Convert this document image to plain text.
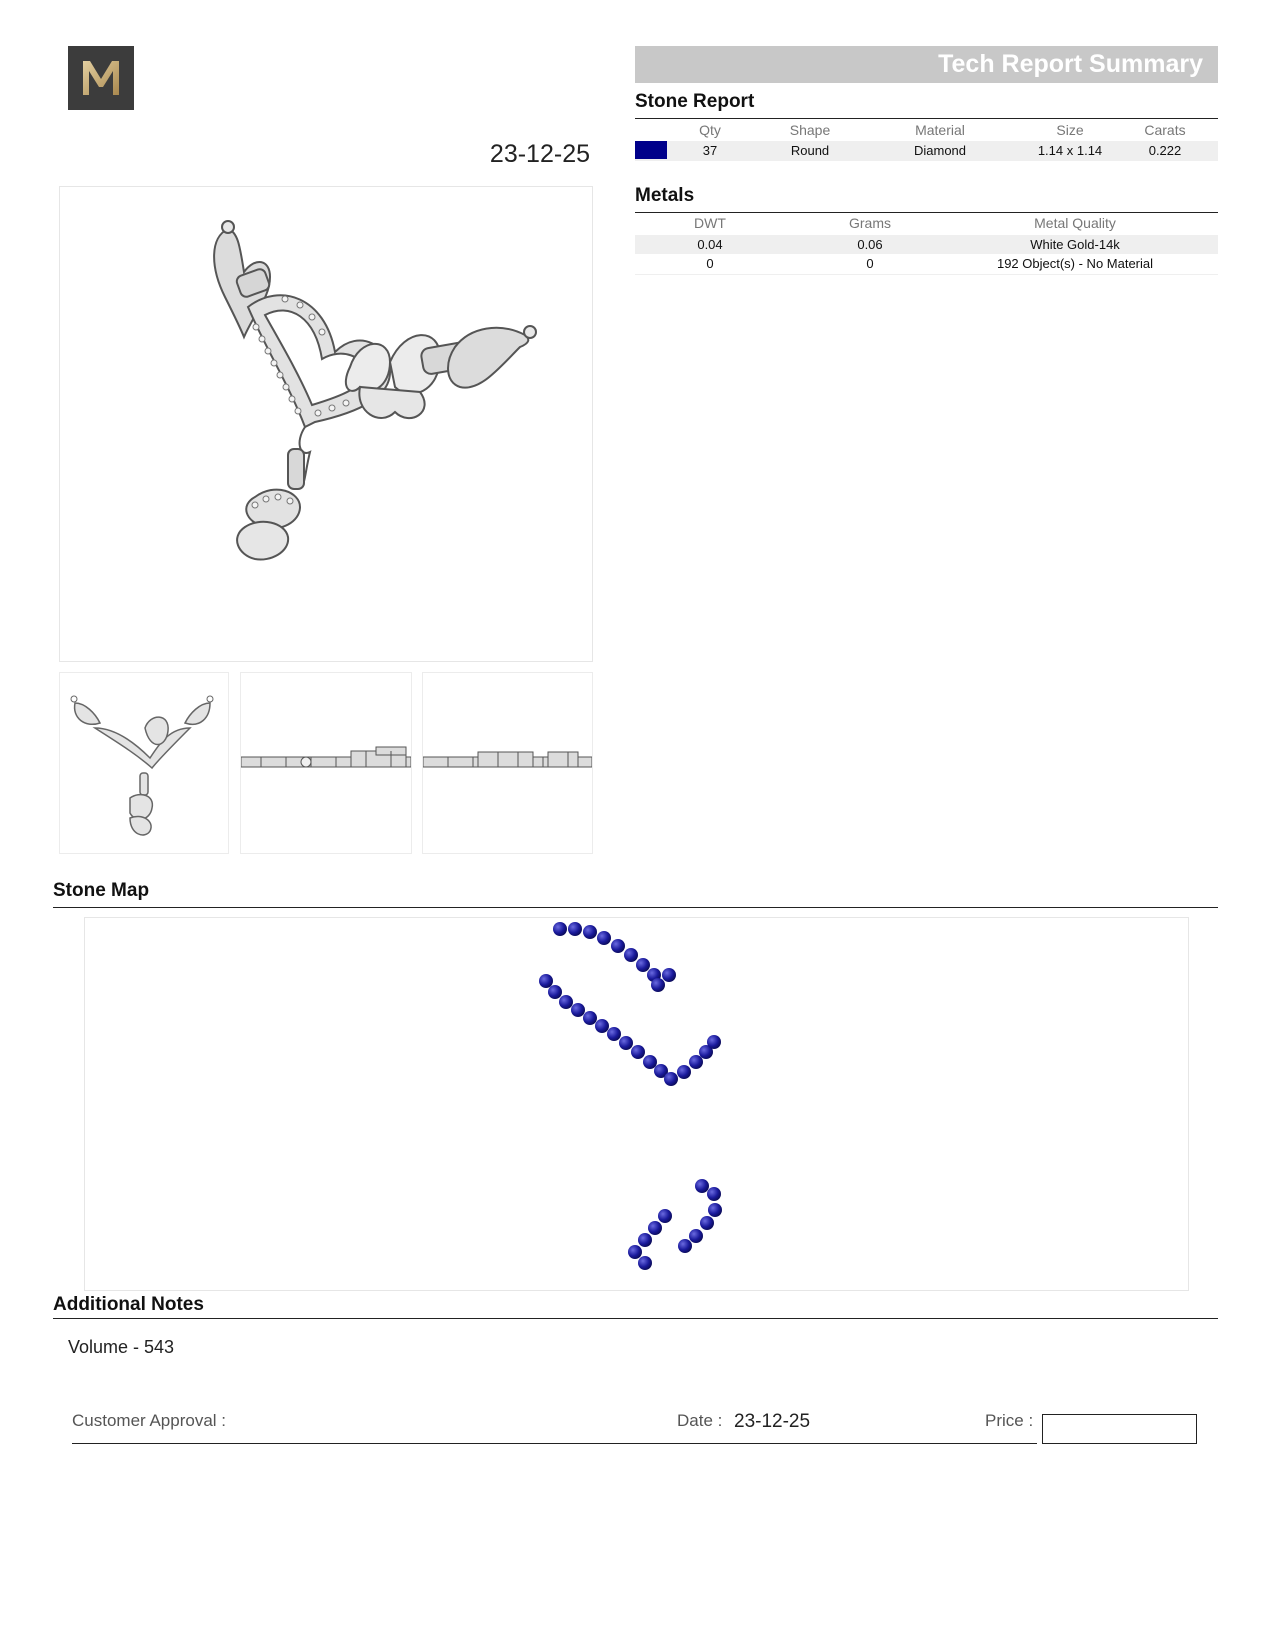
23-12-25
Tech Report Summary
Stone Report
Qty	Shape	Material	Size	Carats
37	Round	Diamond	1.14 x 1.14	0.222
Metals
DWT	Grams	Metal Quality
0.04	0.06	White Gold-14k
0	0	192 Object(s) - No Material
Stone Map
Additional Notes
Volume - 543
Customer Approval :	Date : 23-12-25	Price :
